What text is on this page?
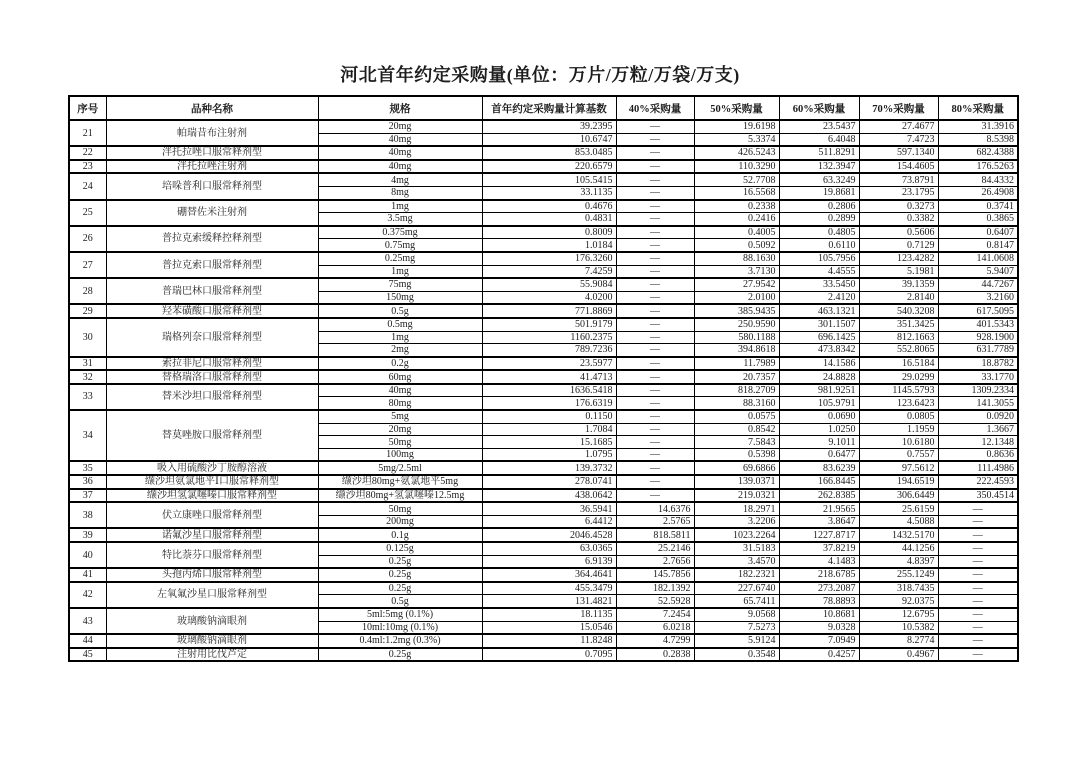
河北首年约定采购量(单位：万片/万粒/万袋/万支)
序号	品种名称	规格	首年约定采购量计算基数	40%采购量	50%采购量	60%采购量	70%采购量	80%采购量
21	帕瑞昔布注射剂	20mg	39.2395	—	19.6198	23.5437	27.4677	31.3916
		40mg	10.6747	—	5.3374	6.4048	7.4723	8.5398
22	泮托拉唑口服常释剂型	40mg	853.0485	—	426.5243	511.8291	597.1340	682.4388
23	泮托拉唑注射剂	40mg	220.6579	—	110.3290	132.3947	154.4605	176.5263
24	培哚普利口服常释剂型	4mg	105.5415	—	52.7708	63.3249	73.8791	84.4332
		8mg	33.1135	—	16.5568	19.8681	23.1795	26.4908
25	硼替佐米注射剂	1mg	0.4676	—	0.2338	0.2806	0.3273	0.3741
		3.5mg	0.4831	—	0.2416	0.2899	0.3382	0.3865
26	普拉克索缓释控释剂型	0.375mg	0.8009	—	0.4005	0.4805	0.5606	0.6407
		0.75mg	1.0184	—	0.5092	0.6110	0.7129	0.8147
27	普拉克索口服常释剂型	0.25mg	176.3260	—	88.1630	105.7956	123.4282	141.0608
		1mg	7.4259	—	3.7130	4.4555	5.1981	5.9407
28	普瑞巴林口服常释剂型	75mg	55.9084	—	27.9542	33.5450	39.1359	44.7267
		150mg	4.0200	—	2.0100	2.4120	2.8140	3.2160
29	羟苯磺酸口服常释剂型	0.5g	771.8869	—	385.9435	463.1321	540.3208	617.5095
30	瑞格列奈口服常释剂型	0.5mg	501.9179	—	250.9590	301.1507	351.3425	401.5343
		1mg	1160.2375	—	580.1188	696.1425	812.1663	928.1900
		2mg	789.7236	—	394.8618	473.8342	552.8065	631.7789
31	索拉非尼口服常释剂型	0.2g	23.5977	—	11.7989	14.1586	16.5184	18.8782
32	替格瑞洛口服常释剂型	60mg	41.4713	—	20.7357	24.8828	29.0299	33.1770
33	替米沙坦口服常释剂型	40mg	1636.5418	—	818.2709	981.9251	1145.5793	1309.2334
		80mg	176.6319	—	88.3160	105.9791	123.6423	141.3055
34	替莫唑胺口服常释剂型	5mg	0.1150	—	0.0575	0.0690	0.0805	0.0920
		20mg	1.7084	—	0.8542	1.0250	1.1959	1.3667
		50mg	15.1685	—	7.5843	9.1011	10.6180	12.1348
		100mg	1.0795	—	0.5398	0.6477	0.7557	0.8636
35	吸入用硫酸沙丁胺醇溶液	5mg/2.5ml	139.3732	—	69.6866	83.6239	97.5612	111.4986
36	缬沙坦氨氯地平Ⅰ口服常释剂型	缬沙坦80mg+氨氯地平5mg	278.0741	—	139.0371	166.8445	194.6519	222.4593
37	缬沙坦氢氯噻嗪口服常释剂型	缬沙坦80mg+氢氯噻嗪12.5mg	438.0642	—	219.0321	262.8385	306.6449	350.4514
38	伏立康唑口服常释剂型	50mg	36.5941	14.6376	18.2971	21.9565	25.6159	—
		200mg	6.4412	2.5765	3.2206	3.8647	4.5088	—
39	诺氟沙星口服常释剂型	0.1g	2046.4528	818.5811	1023.2264	1227.8717	1432.5170	—
40	特比萘芬口服常释剂型	0.125g	63.0365	25.2146	31.5183	37.8219	44.1256	—
		0.25g	6.9139	2.7656	3.4570	4.1483	4.8397	—
41	头孢丙烯口服常释剂型	0.25g	364.4641	145.7856	182.2321	218.6785	255.1249	—
42	左氧氟沙星口服常释剂型	0.25g	455.3479	182.1392	227.6740	273.2087	318.7435	—
		0.5g	131.4821	52.5928	65.7411	78.8893	92.0375	—
43	玻璃酸钠滴眼剂	5ml:5mg (0.1%)	18.1135	7.2454	9.0568	10.8681	12.6795	—
		10ml:10mg (0.1%)	15.0546	6.0218	7.5273	9.0328	10.5382	—
44	玻璃酸钠滴眼剂	0.4ml:1.2mg (0.3%)	11.8248	4.7299	5.9124	7.0949	8.2774	—
45	注射用比伐芦定	0.25g	0.7095	0.2838	0.3548	0.4257	0.4967	—
